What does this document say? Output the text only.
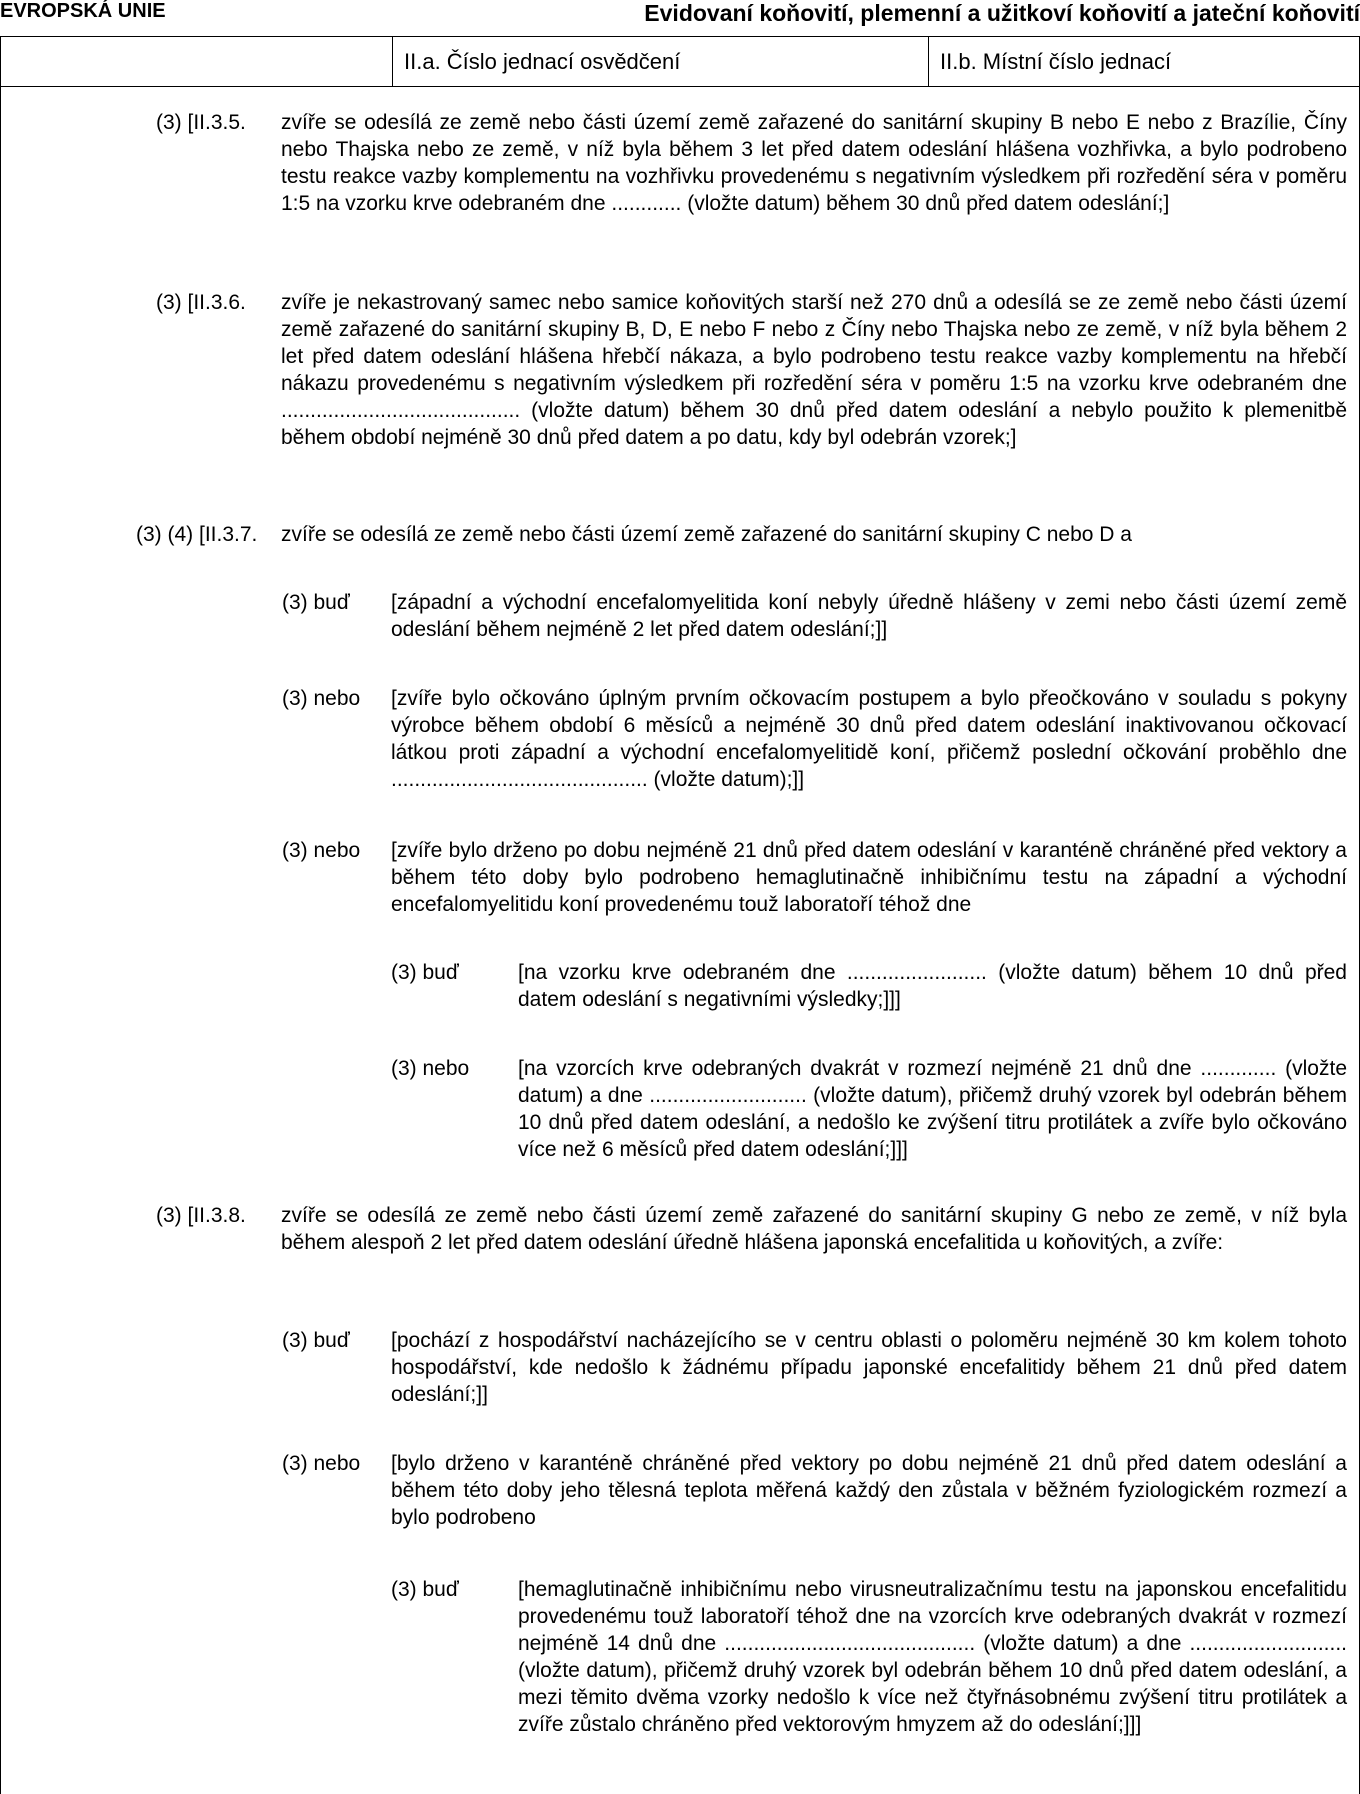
EVROPSKÁ UNIE	Evidovaní koňovití, plemenní a užitkoví koňovití a jateční koňovití
II.a. Číslo jednací osvědčení	II.b. Místní číslo jednací
(3) [II.3.5. zvíře se odesílá ze země nebo části území země zařazené do sanitární skupiny B nebo E nebo z Brazílie, Číny nebo Thajska nebo ze země, v níž byla během 3 let před datem odeslání hlášena vozhřivka, a bylo podrobeno testu reakce vazby komplementu na vozhřivku provedenému s negativním výsledkem při rozředění séra v poměru 1:5 na vzorku krve odebraném dne ............ (vložte datum) během 30 dnů před datem odeslání;]
(3) [II.3.6. zvíře je nekastrovaný samec nebo samice koňovitých starší než 270 dnů a odesílá se ze země nebo části území země zařazené do sanitární skupiny B, D, E nebo F nebo z Číny nebo Thajska nebo ze země, v níž byla během 2 let před datem odeslání hlášena hřebčí nákaza, a bylo podrobeno testu reakce vazby komplementu na hřebčí nákazu provedenému s negativním výsledkem při rozředění séra v poměru 1:5 na vzorku krve odebraném dne ......................................... (vložte datum) během 30 dnů před datem odeslání a nebylo použito k plemenitbě během období nejméně 30 dnů před datem a po datu, kdy byl odebrán vzorek;]
(3) (4) [II.3.7. zvíře se odesílá ze země nebo části území země zařazené do sanitární skupiny C nebo D a
(3) buď [západní a východní encefalomyelitida koní nebyly úředně hlášeny v zemi nebo části území země odeslání během nejméně 2 let před datem odeslání;]]
(3) nebo [zvíře bylo očkováno úplným prvním očkovacím postupem a bylo přeočkováno v souladu s pokyny výrobce během období 6 měsíců a nejméně 30 dnů před datem odeslání inaktivovanou očkovací látkou proti západní a východní encefalomyelitidě koní, přičemž poslední očkování proběhlo dne ............................................ (vložte datum);]]
(3) nebo [zvíře bylo drženo po dobu nejméně 21 dnů před datem odeslání v karanténě chráněné před vektory a během této doby bylo podrobeno hemaglutinačně inhibičnímu testu na západní a východní encefalomyelitidu koní provedenému touž laboratoří téhož dne
(3) buď	[na vzorku krve odebraném dne ........................ (vložte datum) během 10 dnů před datem odeslání s negativními výsledky;]]]
(3) nebo [na vzorcích krve odebraných dvakrát v rozmezí nejméně 21 dnů dne ............. (vložte datum) a dne ........................... (vložte datum), přičemž druhý vzorek byl odebrán během 10 dnů před datem odeslání, a nedošlo ke zvýšení titru protilátek a zvíře bylo očkováno více než 6 měsíců před datem odeslání;]]]
(3) [II.3.8. zvíře se odesílá ze země nebo části území země zařazené do sanitární skupiny G nebo ze země, v níž byla během alespoň 2 let před datem odeslání úředně hlášena japonská encefalitida u koňovitých, a zvíře:
(3) buď [pochází z hospodářství nacházejícího se v centru oblasti o poloměru nejméně 30 km kolem tohoto hospodářství, kde nedošlo k žádnému případu japonské encefalitidy během 21 dnů před datem odeslání;]]
(3) nebo [bylo drženo v karanténě chráněné před vektory po dobu nejméně 21 dnů před datem odeslání a během této doby jeho tělesná teplota měřená každý den zůstala v běžném fyziologickém rozmezí a bylo podrobeno
(3) buď	[hemaglutinačně inhibičnímu nebo virusneutralizačnímu testu na japonskou encefalitidu provedenému touž laboratoří téhož dne na vzorcích krve odebraných dvakrát v rozmezí nejméně 14 dnů dne ........................................... (vložte datum) a dne ........................... (vložte datum), přičemž druhý vzorek byl odebrán během 10 dnů před datem odeslání, a mezi těmito dvěma vzorky nedošlo k více než čtyřnásobnému zvýšení titru protilátek a zvíře zůstalo chráněno před vektorovým hmyzem až do odeslání;]]]
